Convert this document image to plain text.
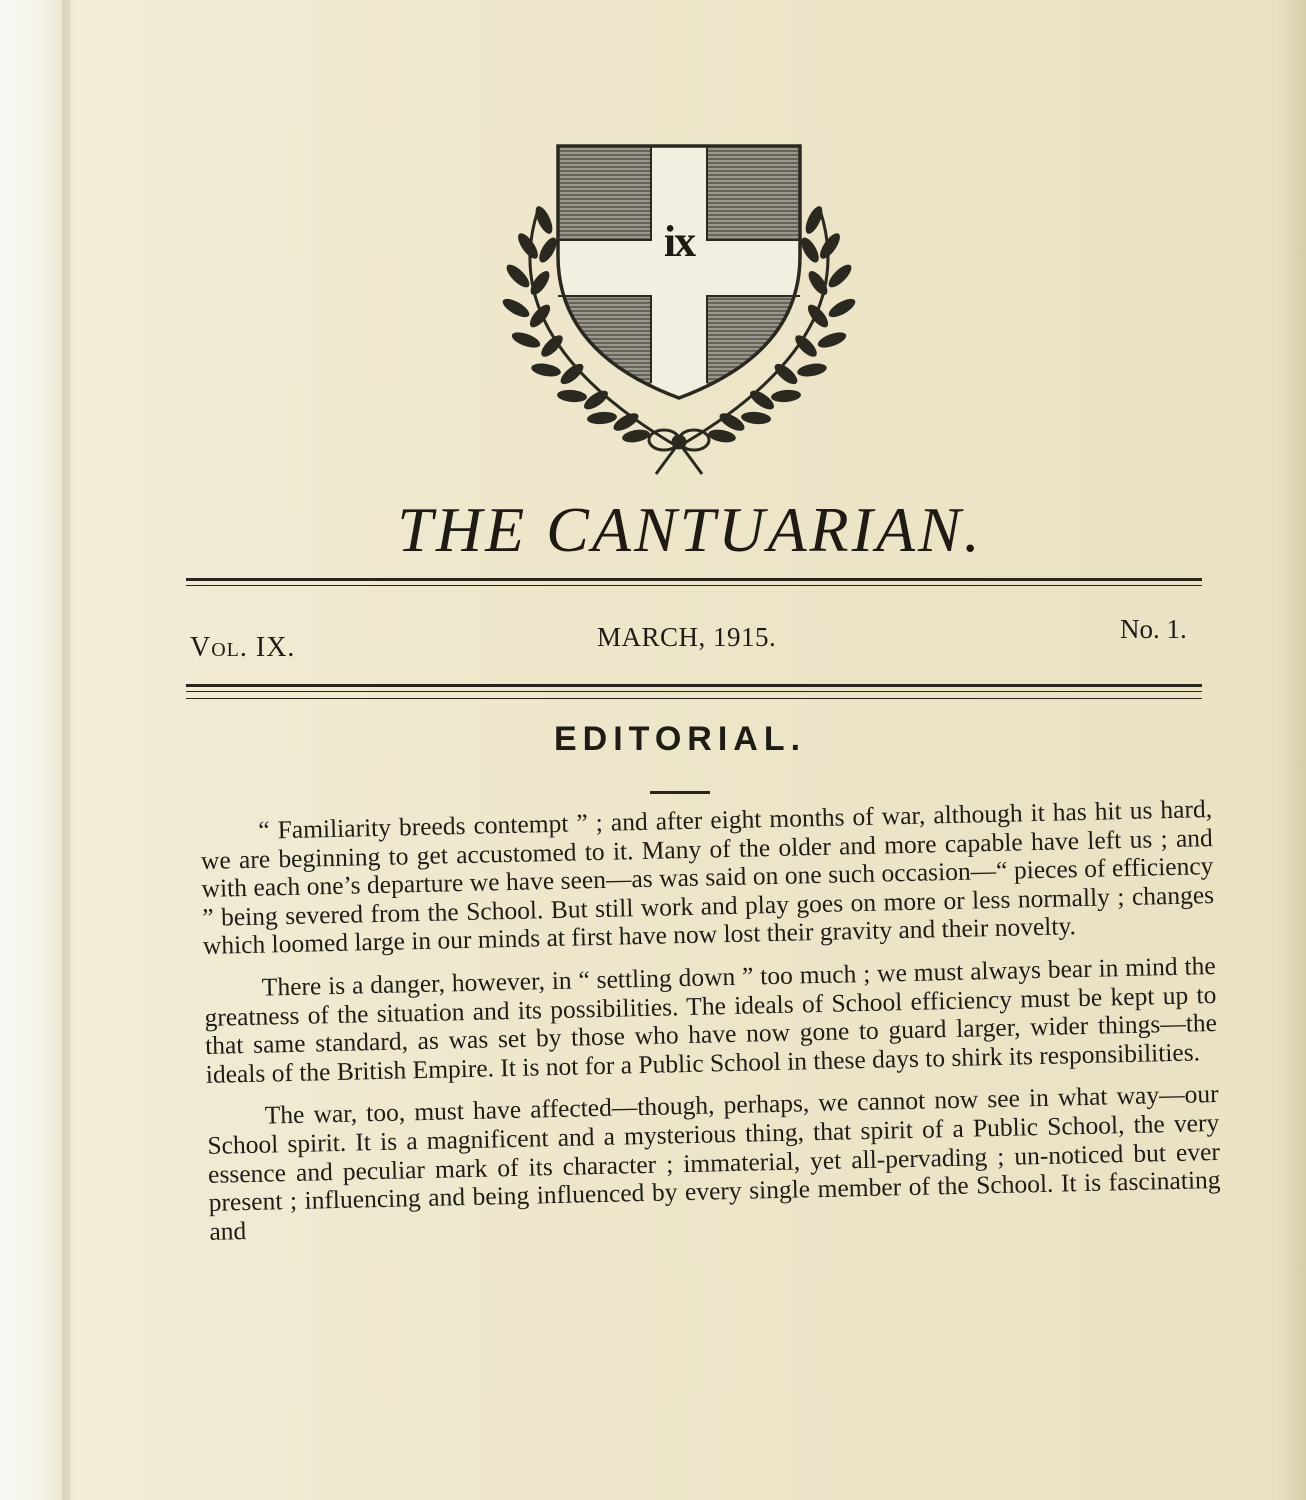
ix
THE CANTUARIAN.
Vol. IX.	MARCH, 1915.	No. 1.
EDITORIAL.

“ Familiarity breeds contempt ” ; and after eight months of war, although it has hit us hard, we are beginning to get accustomed to it. Many of the older and more capable have left us ; and with each one’s departure we have seen—as was said on one such occasion—“ pieces of efficiency ” being severed from the School. But still work and play goes on more or less normally ; changes which loomed large in our minds at first have now lost their gravity and their novelty.

There is a danger, however, in “ settling down ” too much ; we must always bear in mind the greatness of the situation and its possibilities. The ideals of School efficiency must be kept up to that same standard, as was set by those who have now gone to guard larger, wider things—the ideals of the British Empire. It is not for a Public School in these days to shirk its responsibilities.

The war, too, must have affected—though, perhaps, we cannot now see in what way—our School spirit. It is a magnificent and a mysterious thing, that spirit of a Public School, the very essence and peculiar mark of its character ; immaterial, yet all-pervading ; un-noticed but ever present ; influencing and being influenced by every single member of the School. It is fascinating and
